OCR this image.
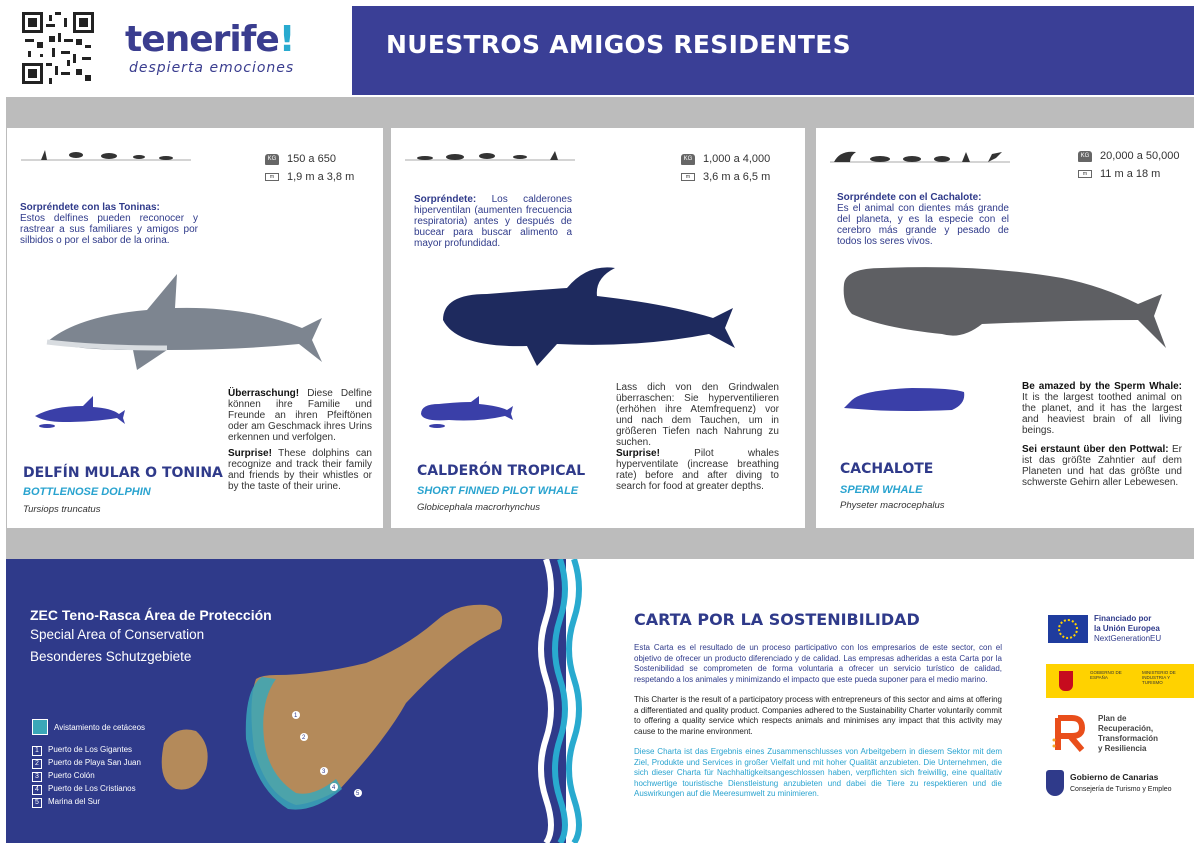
tenerife!
despierta emociones
NUESTROS AMIGOS RESIDENTES
KG 150 a 650
m	1,9 m a 3,8 m
Sorpréndete con las Toninas:
Estos delfines pueden reconocer y rastrear a sus familiares y amigos por silbidos o por el sabor de la orina.
Überraschung! Diese Delfine können ihre Familie und Freunde an ihren Pfeiftönen oder am Geschmack ihres Urins erkennen und verfolgen.
Surprise! These dolphins can recognize and track their family and friends by their whistles or by the taste of their urine.
DELFÍN MULAR O TONINA
BOTTLENOSE DOLPHIN
Tursiops truncatus
KG 1,000 a 4,000
m	3,6 m a 6,5 m
Sorpréndete: Los calderones hiperventilan (aumenten frecuencia respiratoria) antes y después de bucear para buscar alimento a mayor profundidad.
Lass dich von den Grindwalen überraschen: Sie hyperventilieren (erhöhen ihre Atemfrequenz) vor und nach dem Tauchen, um in größeren Tiefen nach Nahrung zu suchen.
Surprise! Pilot whales hyperventilate (increase breathing rate) before and after diving to search for food at greater depths.
CALDERÓN TROPICAL
SHORT FINNED PILOT WHALE
Globicephala macrorhynchus
KG 20,000 a 50,000
m	11 m a 18 m
Sorpréndete con el Cachalote:
Es el animal con dientes más grande del planeta, y es la especie con el cerebro más grande y pesado de todos los seres vivos.
Be amazed by the Sperm Whale: It is the largest toothed animal on the planet, and it has the largest and heaviest brain of all living beings.
Sei erstaunt über den Pottwal: Er ist das größte Zahntier auf dem Planeten und hat das größte und schwerste Gehirn aller Lebewesen.
CACHALOTE
SPERM WHALE
Physeter macrocephalus
ZEC Teno-Rasca Área de Protección
Special Area of Conservation
Besonderes Schutzgebiete
Avistamiento de cetáceos
1 Puerto de Los Gigantes
2 Puerto de Playa San Juan
3 Puerto Colón
4 Puerto de Los Cristianos
5 Marina del Sur
1
2
3
4
5
CARTA POR LA SOSTENIBILIDAD

Esta Carta es el resultado de un proceso participativo con los empresarios de este sector, con el objetivo de ofrecer un producto diferenciado y de calidad. Las empresas adheridas a esta Carta por la Sostenibilidad se comprometen de forma voluntaria a ofrecer un servicio turístico de calidad, respetando a los animales y minimizando el impacto que este pueda suponer para el medio marino.

This Charter is the result of a participatory process with entrepreneurs of this sector and aims at offering a differentiated and quality product. Companies adhered to the Sustainability Charter voluntarily commit to offering a quality service which respects animals and minimises any impact that this activity may cause to the marine environment.

Diese Charta ist das Ergebnis eines Zusammenschlusses von Arbeitgebern in diesem Sektor mit dem Ziel, Produkte und Services in großer Vielfalt und mit hoher Qualität anzubieten. Die Unternehmen, die sich dieser Charta für Nachhaltigkeitsangeschlossen haben, verpflichten sich freiwillig, eine qualitativ hochwertige touristische Dienstleistung anzubieten und dabei die Tiere zu respektieren und die Auswirkungen auf die Meeresumwelt zu minimieren.

Financiado por
la Unión Europea
NextGenerationEU
GOBIERNO DE ESPAÑA
MINISTERIO DE INDUSTRIA Y TURISMO
Plan de
Recuperación,
Transformación
y Resiliencia
Gobierno de Canarias
Consejería de Turismo y Empleo
